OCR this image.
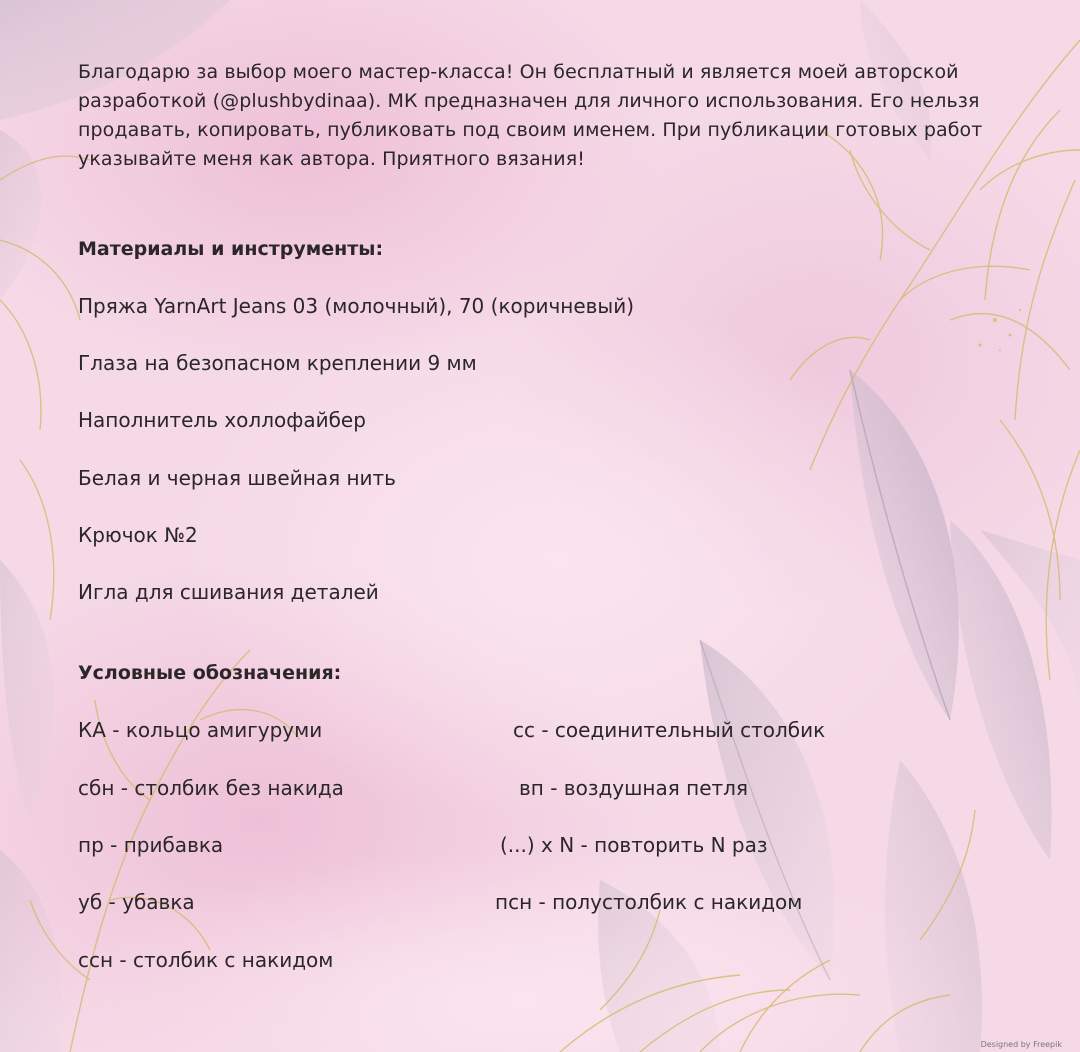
Благодарю за выбор моего мастер-класса! Он бесплатный и является моей авторской разработкой (@plushbydinaa). МК предназначен для личного использования. Его нельзя продавать, копировать, публиковать под своим именем. При публикации готовых работ указывайте меня как автора. Приятного вязания!

Материалы и инструменты:

Пряжа YarnArt Jeans 03 (молочный), 70 (коричневый)

Глаза на безопасном креплении 9 мм

Наполнитель холлофайбер

Белая и черная швейная нить

Крючок №2

Игла для сшивания деталей

Условные обозначения:

КА - кольцо амигуруми	сс - соединительный столбик

сбн - столбик без накида	вп - воздушная петля

пр - прибавка	(...) x N - повторить N раз

уб - убавка	псн - полустолбик с накидом

ссн - столбик с накидом

Designed by Freepik
